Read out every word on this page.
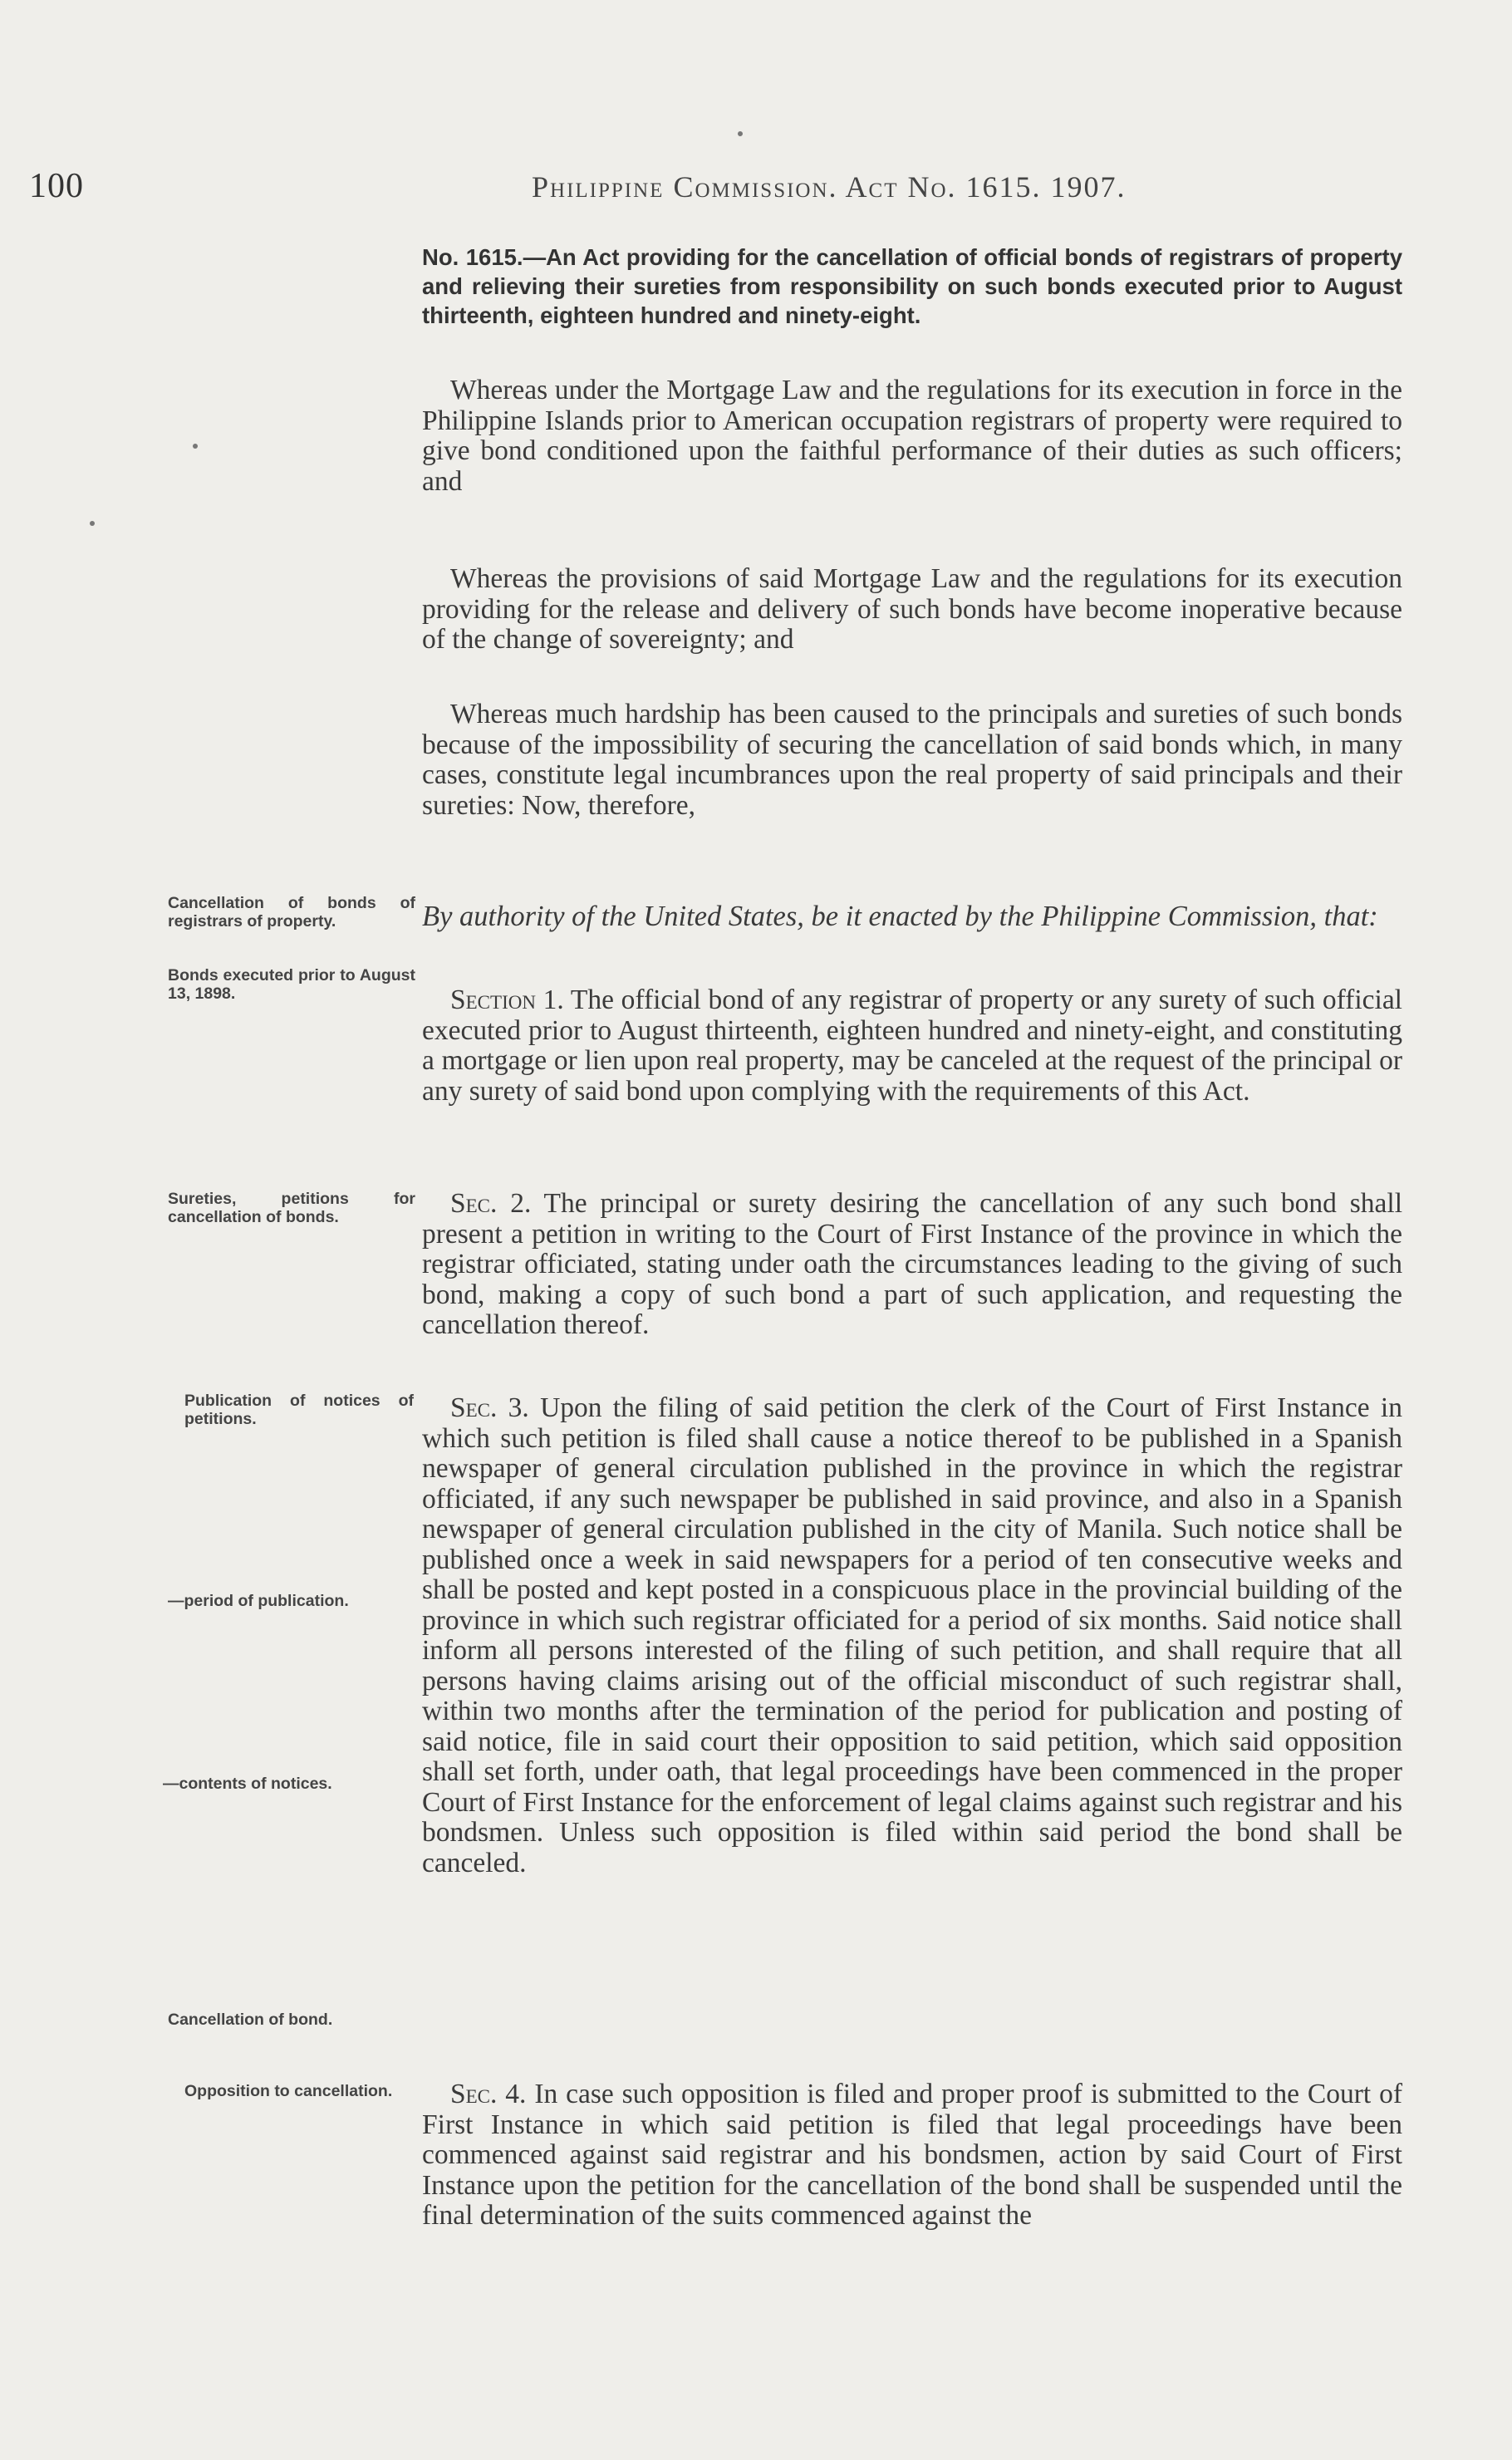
100	Philippine Commission. Act No. 1615. 1907.
No. 1615.—An Act providing for the cancellation of official bonds of registrars of property and relieving their sureties from responsibility on such bonds executed prior to August thirteenth, eighteen hundred and ninety-eight.

Whereas under the Mortgage Law and the regulations for its execution in force in the Philippine Islands prior to American occupation registrars of property were required to give bond conditioned upon the faithful performance of their duties as such officers; and

Whereas the provisions of said Mortgage Law and the regulations for its execution providing for the release and delivery of such bonds have become inoperative because of the change of sovereignty; and

Whereas much hardship has been caused to the principals and sureties of such bonds because of the impossibility of securing the cancellation of said bonds which, in many cases, constitute legal incumbrances upon the real property of said principals and their sureties: Now, therefore,

By authority of the United States, be it enacted by the Philippine Commission, that:

Section 1. The official bond of any registrar of property or any surety of such official executed prior to August thirteenth, eighteen hundred and ninety-eight, and constituting a mortgage or lien upon real property, may be canceled at the request of the principal or any surety of said bond upon complying with the requirements of this Act.

Sec. 2. The principal or surety desiring the cancellation of any such bond shall present a petition in writing to the Court of First Instance of the province in which the registrar officiated, stating under oath the circumstances leading to the giving of such bond, making a copy of such bond a part of such application, and requesting the cancellation thereof.

Sec. 3. Upon the filing of said petition the clerk of the Court of First Instance in which such petition is filed shall cause a notice thereof to be published in a Spanish newspaper of general circulation published in the province in which the registrar officiated, if any such newspaper be published in said province, and also in a Spanish newspaper of general circulation published in the city of Manila. Such notice shall be published once a week in said newspapers for a period of ten consecutive weeks and shall be posted and kept posted in a conspicuous place in the provincial building of the province in which such registrar officiated for a period of six months. Said notice shall inform all persons interested of the filing of such petition, and shall require that all persons having claims arising out of the official misconduct of such registrar shall, within two months after the termination of the period for publication and posting of said notice, file in said court their opposition to said petition, which said opposition shall set forth, under oath, that legal proceedings have been commenced in the proper Court of First Instance for the enforcement of legal claims against such registrar and his bondsmen. Unless such opposition is filed within said period the bond shall be canceled.

Sec. 4. In case such opposition is filed and proper proof is submitted to the Court of First Instance in which said petition is filed that legal proceedings have been commenced against said registrar and his bondsmen, action by said Court of First Instance upon the petition for the cancellation of the bond shall be suspended until the final determination of the suits commenced against the

Cancellation of bonds of registrars of property.
Bonds executed prior to August 13, 1898.
Sureties, petitions for cancellation of bonds.
Publication of notices of petitions.
—period of publication.
—contents of notices.
Cancellation of bond.
Opposition to cancellation.
